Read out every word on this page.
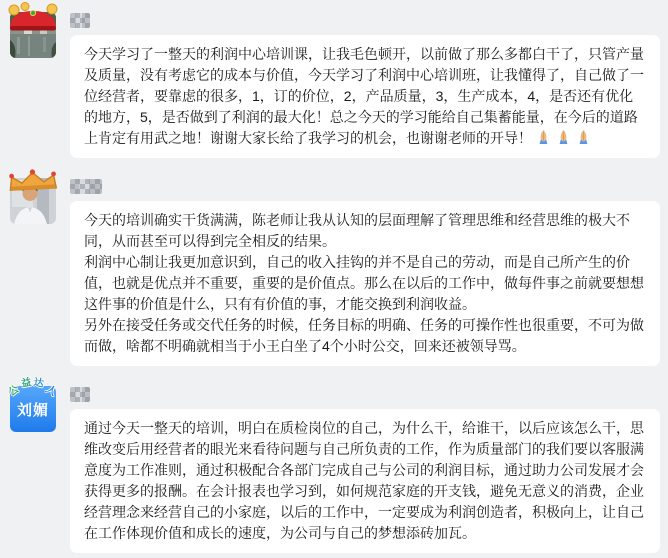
今天学习了一整天的利润中心培训课，让我毛色顿开，以前做了那么多都白干了，只管产量及质量，没有考虑它的成本与价值，今天学习了利润中心培训班，让我懂得了，自己做了一位经营者，要靠虑的很多，1，订的价位，2，产品质量，3，生产成本，4，是否还有优化的地方，5，是否做到了利润的最大化！总之今天的学习能给自己集蓄能量，在今后的道路上肯定有用武之地！谢谢大家长给了我学习的机会，也谢谢老师的开导！
今天的培训确实干货满满，陈老师让我从认知的层面理解了管理思维和经营思维的极大不同，从而甚至可以得到完全相反的结果。
利润中心制让我更加意识到，自己的收入挂钩的并不是自己的劳动，而是自己所产生的价值，也就是优点并不重要，重要的是价值点。那么在以后的工作中，做每件事之前就要想想这件事的价值是什么，只有有价值的事，才能交换到利润收益。
另外在接受任务或交代任务的时候，任务目标的明确、任务的可操作性也很重要，不可为做而做，啥都不明确就相当于小王白坐了4个小时公交，回来还被领导骂。
刘媚
公
益 达
人
通过今天一整天的培训，明白在质检岗位的自己，为什么干，给谁干，以后应该怎么干，思维改变后用经营者的眼光来看待问题与自己所负责的工作，作为质量部门的我们要以客服满意度为工作准则，通过积极配合各部门完成自己与公司的利润目标，通过助力公司发展才会获得更多的报酬。在会计报表也学习到，如何规范家庭的开支钱，避免无意义的消费，企业经营理念来经营自己的小家庭，以后的工作中，一定要成为利润创造者，积极向上，让自己在工作体现价值和成长的速度，为公司与自己的梦想添砖加瓦。
